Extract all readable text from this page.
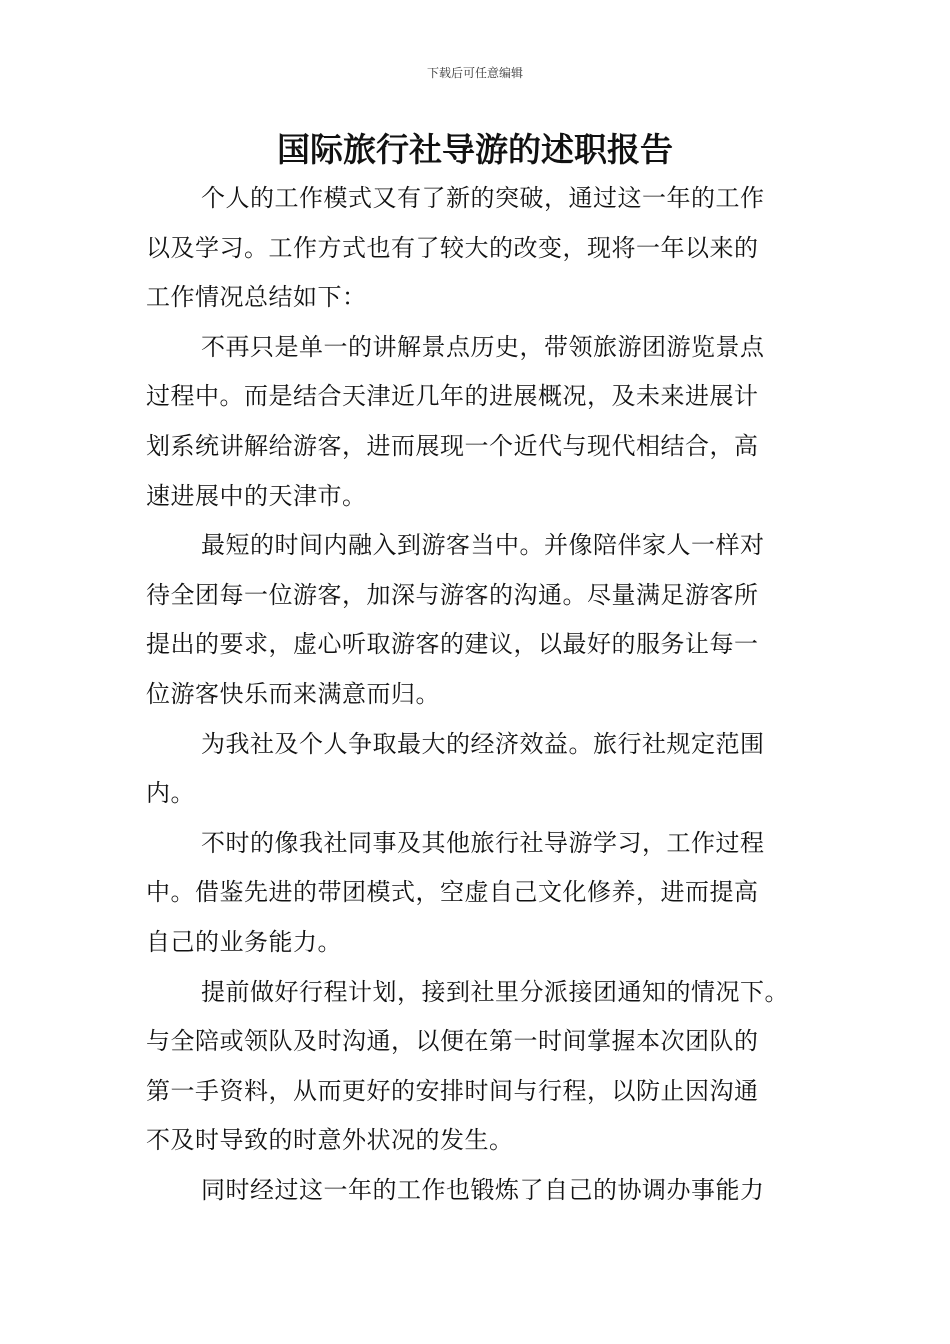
下载后可任意编辑
国际旅行社导游的述职报告
个人的工作模式又有了新的突破，通过这一年的工作
以及学习。工作方式也有了较大的改变，现将一年以来的
工作情况总结如下：
不再只是单一的讲解景点历史，带领旅游团游览景点
过程中。而是结合天津近几年的进展概况，及未来进展计
划系统讲解给游客，进而展现一个近代与现代相结合，高
速进展中的天津市。
最短的时间内融入到游客当中。并像陪伴家人一样对
待全团每一位游客，加深与游客的沟通。尽量满足游客所
提出的要求，虚心听取游客的建议，以最好的服务让每一
位游客快乐而来满意而归。
为我社及个人争取最大的经济效益。旅行社规定范围
内。
不时的像我社同事及其他旅行社导游学习，工作过程
中。借鉴先进的带团模式，空虚自己文化修养，进而提高
自己的业务能力。
提前做好行程计划，接到社里分派接团通知的情况下。
与全陪或领队及时沟通，以便在第一时间掌握本次团队的
第一手资料，从而更好的安排时间与行程，以防止因沟通
不及时导致的时意外状况的发生。
同时经过这一年的工作也锻炼了自己的协调办事能力
